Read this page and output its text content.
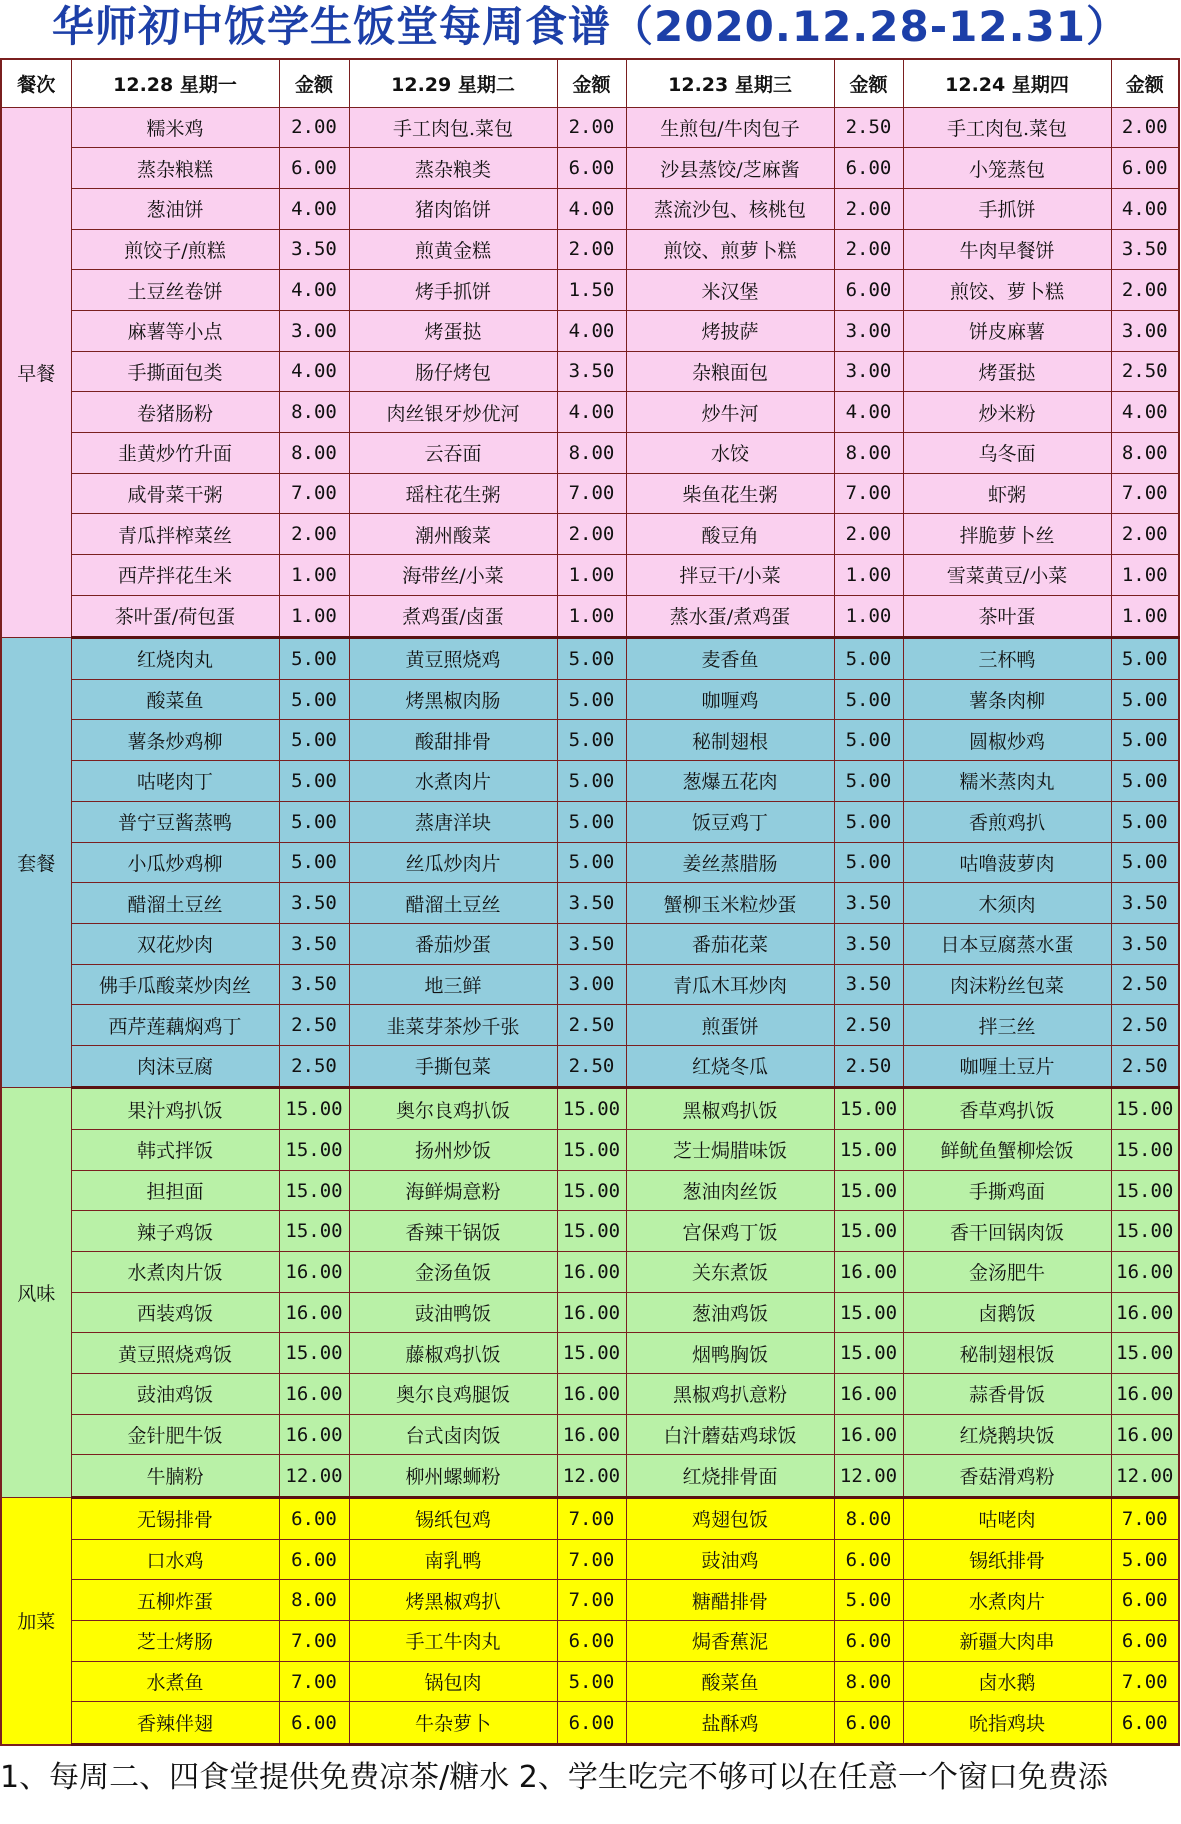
华师初中饭学生饭堂每周食谱（2020.12.28-12.31）
餐次	12.28 星期一	金额	12.29 星期二	金额	12.23 星期三	金额	12.24 星期四	金额
早餐	糯米鸡	2.00	手工肉包.菜包	2.00	生煎包/牛肉包子	2.50	手工肉包.菜包	2.00
	蒸杂粮糕	6.00	蒸杂粮类	6.00	沙县蒸饺/芝麻酱	6.00	小笼蒸包	6.00
	葱油饼	4.00	猪肉馅饼	4.00	蒸流沙包、核桃包	2.00	手抓饼	4.00
	煎饺子/煎糕	3.50	煎黄金糕	2.00	煎饺、煎萝卜糕	2.00	牛肉早餐饼	3.50
	土豆丝卷饼	4.00	烤手抓饼	1.50	米汉堡	6.00	煎饺、萝卜糕	2.00
	麻薯等小点	3.00	烤蛋挞	4.00	烤披萨	3.00	饼皮麻薯	3.00
	手撕面包类	4.00	肠仔烤包	3.50	杂粮面包	3.00	烤蛋挞	2.50
	卷猪肠粉	8.00	肉丝银牙炒优河	4.00	炒牛河	4.00	炒米粉	4.00
	韭黄炒竹升面	8.00	云吞面	8.00	水饺	8.00	乌冬面	8.00
	咸骨菜干粥	7.00	瑶柱花生粥	7.00	柴鱼花生粥	7.00	虾粥	7.00
	青瓜拌榨菜丝	2.00	潮州酸菜	2.00	酸豆角	2.00	拌脆萝卜丝	2.00
	西芹拌花生米	1.00	海带丝/小菜	1.00	拌豆干/小菜	1.00	雪菜黄豆/小菜	1.00
	茶叶蛋/荷包蛋	1.00	煮鸡蛋/卤蛋	1.00	蒸水蛋/煮鸡蛋	1.00	茶叶蛋	1.00
套餐	红烧肉丸	5.00	黄豆照烧鸡	5.00	麦香鱼	5.00	三杯鸭	5.00
	酸菜鱼	5.00	烤黑椒肉肠	5.00	咖喱鸡	5.00	薯条肉柳	5.00
	薯条炒鸡柳	5.00	酸甜排骨	5.00	秘制翅根	5.00	圆椒炒鸡	5.00
	咕咾肉丁	5.00	水煮肉片	5.00	葱爆五花肉	5.00	糯米蒸肉丸	5.00
	普宁豆酱蒸鸭	5.00	蒸唐洋块	5.00	饭豆鸡丁	5.00	香煎鸡扒	5.00
	小瓜炒鸡柳	5.00	丝瓜炒肉片	5.00	姜丝蒸腊肠	5.00	咕噜菠萝肉	5.00
	醋溜土豆丝	3.50	醋溜土豆丝	3.50	蟹柳玉米粒炒蛋	3.50	木须肉	3.50
	双花炒肉	3.50	番茄炒蛋	3.50	番茄花菜	3.50	日本豆腐蒸水蛋	3.50
	佛手瓜酸菜炒肉丝	3.50	地三鲜	3.00	青瓜木耳炒肉	3.50	肉沫粉丝包菜	2.50
	西芹莲藕焖鸡丁	2.50	韭菜芽茶炒千张	2.50	煎蛋饼	2.50	拌三丝	2.50
	肉沫豆腐	2.50	手撕包菜	2.50	红烧冬瓜	2.50	咖喱土豆片	2.50
风味	果汁鸡扒饭	15.00	奥尔良鸡扒饭	15.00	黑椒鸡扒饭	15.00	香草鸡扒饭	15.00
	韩式拌饭	15.00	扬州炒饭	15.00	芝士焗腊味饭	15.00	鲜鱿鱼蟹柳烩饭	15.00
	担担面	15.00	海鲜焗意粉	15.00	葱油肉丝饭	15.00	手撕鸡面	15.00
	辣子鸡饭	15.00	香辣干锅饭	15.00	宫保鸡丁饭	15.00	香干回锅肉饭	15.00
	水煮肉片饭	16.00	金汤鱼饭	16.00	关东煮饭	16.00	金汤肥牛	16.00
	西装鸡饭	16.00	豉油鸭饭	16.00	葱油鸡饭	15.00	卤鹅饭	16.00
	黄豆照烧鸡饭	15.00	藤椒鸡扒饭	15.00	烟鸭胸饭	15.00	秘制翅根饭	15.00
	豉油鸡饭	16.00	奥尔良鸡腿饭	16.00	黑椒鸡扒意粉	16.00	蒜香骨饭	16.00
	金针肥牛饭	16.00	台式卤肉饭	16.00	白汁蘑菇鸡球饭	16.00	红烧鹅块饭	16.00
	牛腩粉	12.00	柳州螺蛳粉	12.00	红烧排骨面	12.00	香菇滑鸡粉	12.00
加菜	无锡排骨	6.00	锡纸包鸡	7.00	鸡翅包饭	8.00	咕咾肉	7.00
	口水鸡	6.00	南乳鸭	7.00	豉油鸡	6.00	锡纸排骨	5.00
	五柳炸蛋	8.00	烤黑椒鸡扒	7.00	糖醋排骨	5.00	水煮肉片	6.00
	芝士烤肠	7.00	手工牛肉丸	6.00	焗香蕉泥	6.00	新疆大肉串	6.00
	水煮鱼	7.00	锅包肉	5.00	酸菜鱼	8.00	卤水鹅	7.00
	香辣伴翅	6.00	牛杂萝卜	6.00	盐酥鸡	6.00	吮指鸡块	6.00
1、每周二、四食堂提供免费凉茶/糖水 2、学生吃完不够可以在任意一个窗口免费添
